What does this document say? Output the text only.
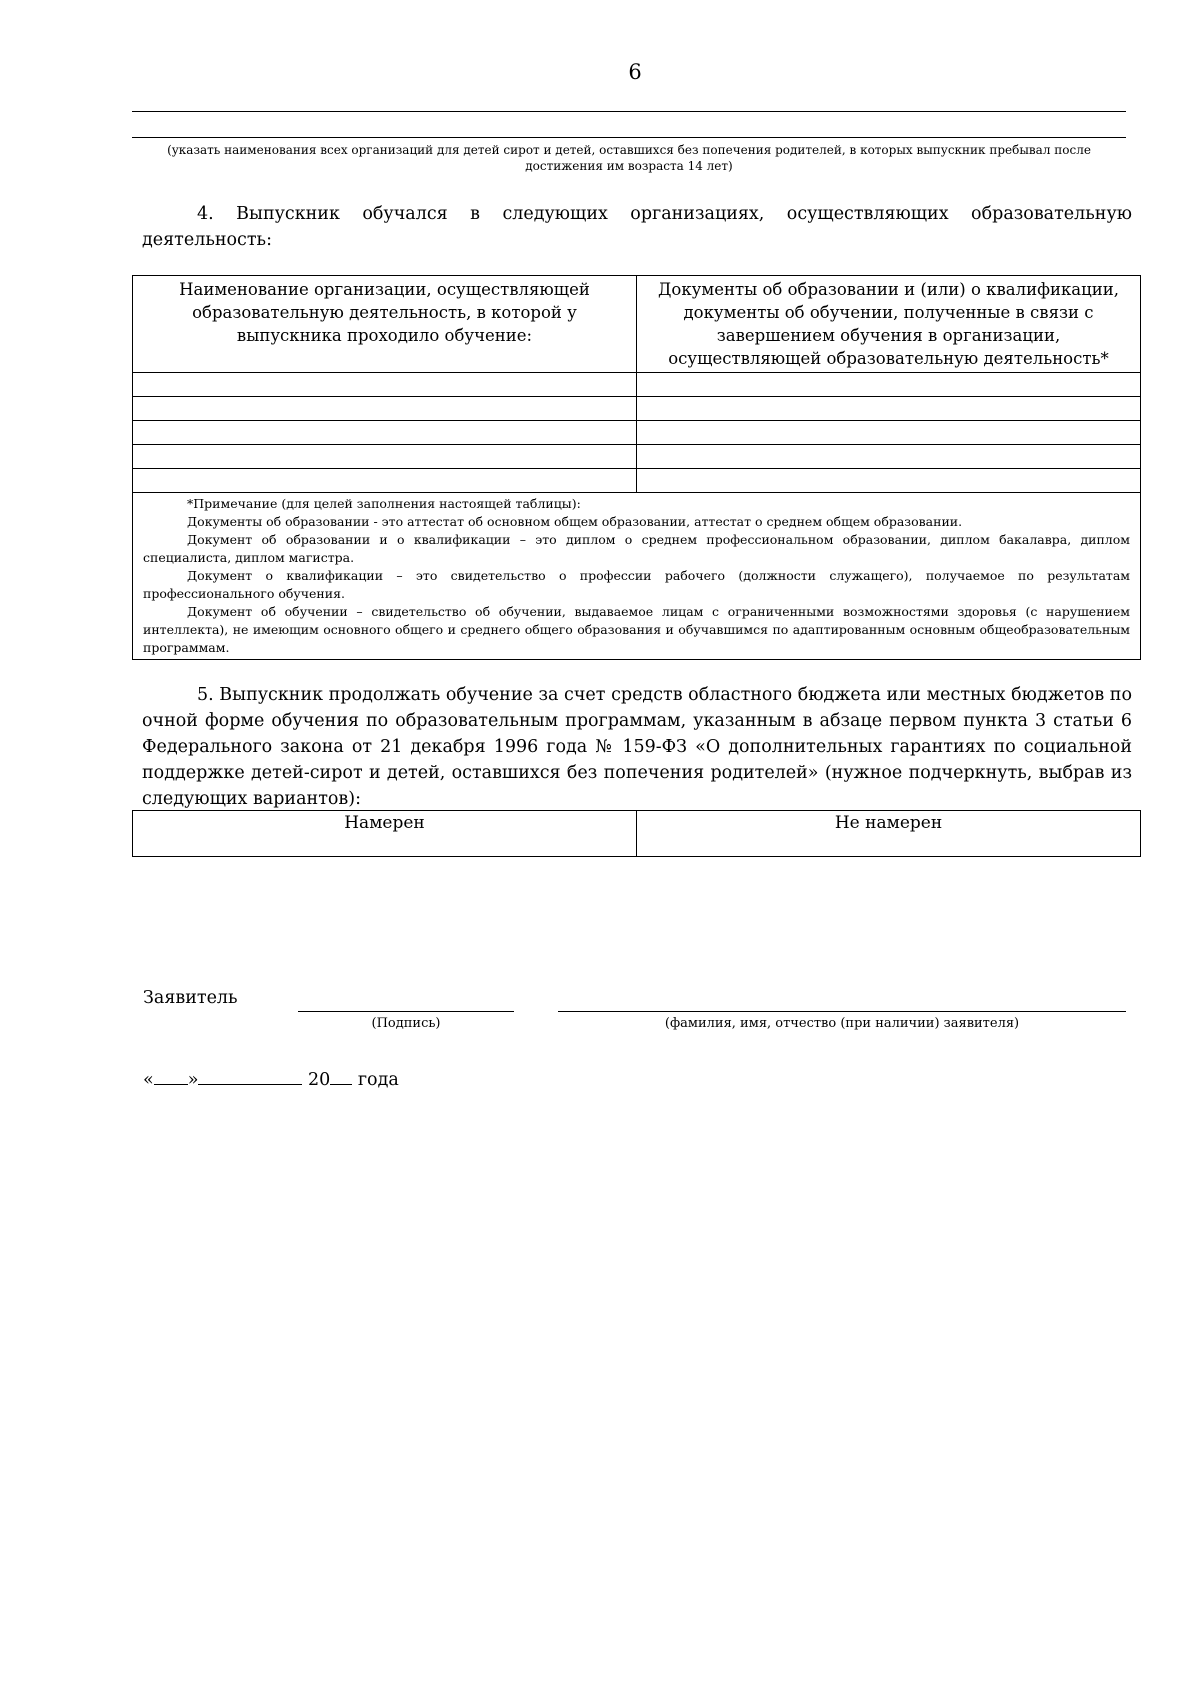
6
(указать наименования всех организаций для детей сирот и детей, оставшихся без попечения родителей, в которых выпускник пребывал после достижения им возраста 14 лет)
4. Выпускник обучался в следующих организациях, осуществляющих образовательную деятельность:
Наименование организации, осуществляющей образовательную деятельность, в которой у выпускника проходило обучение:	Документы об образовании и (или) о квалификации, документы об обучении, полученные в связи с завершением обучения в организации, осуществляющей образовательную деятельность*

*Примечание (для целей заполнения настоящей таблицы):
Документы об образовании - это аттестат об основном общем образовании, аттестат о среднем общем образовании.
Документ об образовании и о квалификации – это диплом о среднем профессиональном образовании, диплом бакалавра, диплом специалиста, диплом магистра.
Документ о квалификации – это свидетельство о профессии рабочего (должности служащего), получаемое по результатам профессионального обучения.
Документ об обучении – свидетельство об обучении, выдаваемое лицам с ограниченными возможностями здоровья (с нарушением интеллекта), не имеющим основного общего и среднего общего образования и обучавшимся по адаптированным основным общеобразовательным программам.	
5. Выпускник продолжать обучение за счет средств областного бюджета или местных бюджетов по очной форме обучения по образовательным программам, указанным в абзаце первом пункта 3 статьи 6 Федерального закона от 21 декабря 1996 года № 159-ФЗ «О дополнительных гарантиях по социальной поддержке детей-сирот и детей, оставшихся без попечения родителей» (нужное подчеркнуть, выбрав из следующих вариантов):
Намерен	Не намерен
Заявитель
(Подпись)	(фамилия, имя, отчество (при наличии) заявителя)
« »	20 года
